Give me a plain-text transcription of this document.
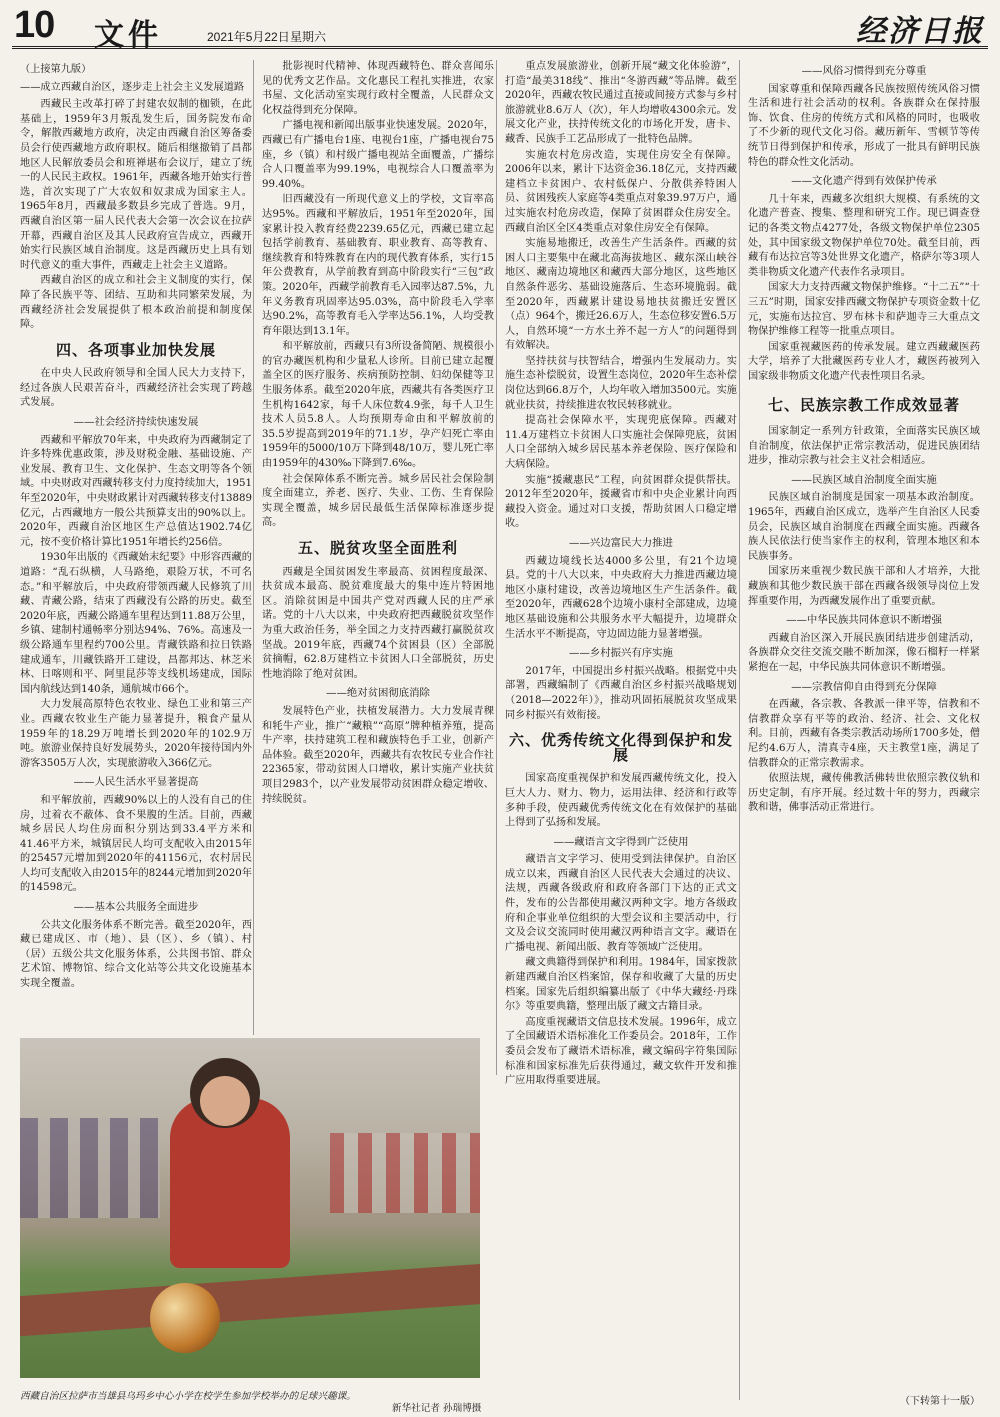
10 文件	2021年5月22日 星期六	经济日报

（上接第九版）

——成立西藏自治区，逐步走上社会主义发展道路

西藏民主改革打碎了封建农奴制的枷锁，在此基础上，1959年3月叛乱发生后，国务院发布命令，解散西藏地方政府，决定由西藏自治区筹备委员会行使西藏地方政府职权。随后相继撤销了昌都地区人民解放委员会和班禅堪布会议厅，建立了统一的人民民主政权。1961年，西藏各地开始实行普选，首次实现了广大农奴和奴隶成为国家主人。1965年8月，西藏最多数县乡完成了普选。9月，西藏自治区第一届人民代表大会第一次会议在拉萨开幕，西藏自治区及其人民政府宣告成立，西藏开始实行民族区域自治制度。这是西藏历史上具有划时代意义的重大事件，西藏走上社会主义道路。

西藏自治区的成立和社会主义制度的实行，保障了各民族平等、团结、互助和共同繁荣发展，为西藏经济社会发展提供了根本政治前提和制度保障。

四、各项事业加快发展

在中央人民政府领导和全国人民大力支持下，经过各族人民艰苦奋斗，西藏经济社会实现了跨越式发展。

——社会经济持续快速发展

西藏和平解放70年来，中央政府为西藏制定了许多特殊优惠政策，涉及财税金融、基础设施、产业发展、教育卫生、文化保护、生态文明等各个领域。中央财政对西藏转移支付力度持续加大，1951年至2020年，中央财政累计对西藏转移支付13889亿元，占西藏地方一般公共预算支出的90%以上。2020年，西藏自治区地区生产总值达1902.74亿元，按不变价格计算比1951年增长约256倍。

1930年出版的《西藏始末纪要》中形容西藏的道路：“乱石纵横，人马路绝，艰险万状，不可名态。”和平解放后，中央政府带领西藏人民修筑了川藏、青藏公路，结束了西藏没有公路的历史。截至2020年底，西藏公路通车里程达到11.88万公里，乡镇、建制村通畅率分别达94%、76%。高速及一级公路通车里程约700公里。青藏铁路和拉日铁路建成通车，川藏铁路开工建设，昌都邦达、林芝米林、日喀则和平、阿里昆莎等支线机场建成，国际国内航线达到140条，通航城市66个。

大力发展高原特色农牧业、绿色工业和第三产业。西藏农牧业生产能力显著提升，粮食产量从1959年的18.29万吨增长到2020年的102.9万吨。旅游业保持良好发展势头，2020年接待国内外游客3505万人次，实现旅游收入366亿元。

——人民生活水平显著提高

和平解放前，西藏90%以上的人没有自己的住房，过着衣不蔽体、食不果腹的生活。目前，西藏城乡居民人均住房面积分别达到33.4平方米和41.46平方米，城镇居民人均可支配收入由2015年的25457元增加到2020年的41156元，农村居民人均可支配收入由2015年的8244元增加到2020年的14598元。

——基本公共服务全面进步

公共文化服务体系不断完善。截至2020年，西藏已建成区、市（地）、县（区）、乡（镇）、村（居）五级公共文化服务体系，公共图书馆、群众艺术馆、博物馆、综合文化站等公共文化设施基本实现全覆盖。

批影视时代精神、体现西藏特色、群众喜闻乐见的优秀文艺作品。文化惠民工程扎实推进，农家书屋、文化活动室实现行政村全覆盖，人民群众文化权益得到充分保障。

广播电视和新闻出版事业快速发展。2020年，西藏已有广播电台1座、电视台1座，广播电视台75座，乡（镇）和村级广播电视站全面覆盖，广播综合人口覆盖率为99.19%，电视综合人口覆盖率为99.40%。

旧西藏没有一所现代意义上的学校，文盲率高达95%。西藏和平解放后，1951年至2020年，国家累计投入教育经费2239.65亿元，西藏已建立起包括学前教育、基础教育、职业教育、高等教育、继续教育和特殊教育在内的现代教育体系，实行15年公费教育，从学前教育到高中阶段实行“三包”政策。2020年，西藏学前教育毛入园率达87.5%，九年义务教育巩固率达95.03%，高中阶段毛入学率达90.2%，高等教育毛入学率达56.1%，人均受教育年限达到13.1年。

和平解放前，西藏只有3所设备简陋、规模很小的官办藏医机构和少量私人诊所。目前已建立起覆盖全区的医疗服务、疾病预防控制、妇幼保健等卫生服务体系。截至2020年底，西藏共有各类医疗卫生机构1642家，每千人床位数4.9张，每千人卫生技术人员5.8人。人均预期寿命由和平解放前的35.5岁提高到2019年的71.1岁，孕产妇死亡率由1959年的5000/10万下降到48/10万，婴儿死亡率由1959年的430‰下降到7.6‰。

社会保障体系不断完善。城乡居民社会保险制度全面建立，养老、医疗、失业、工伤、生育保险实现全覆盖，城乡居民最低生活保障标准逐步提高。

五、脱贫攻坚全面胜利

西藏是全国贫困发生率最高、贫困程度最深、扶贫成本最高、脱贫难度最大的集中连片特困地区。消除贫困是中国共产党对西藏人民的庄严承诺。党的十八大以来，中央政府把西藏脱贫攻坚作为重大政治任务，举全国之力支持西藏打赢脱贫攻坚战。2019年底，西藏74个贫困县（区）全部脱贫摘帽，62.8万建档立卡贫困人口全部脱贫，历史性地消除了绝对贫困。

——绝对贫困彻底消除

发展特色产业，扶植发展潜力。大力发展青稞和牦牛产业，推广“藏粮”“高原”牌种植养殖，提高牛产率，扶持建筑工程和藏族特色手工业，创新产品体验。截至2020年，西藏共有农牧民专业合作社22365家，带动贫困人口增收，累计实施产业扶贫项目2983个，以产业发展带动贫困群众稳定增收、持续脱贫。

重点发展旅游业，创新开展“藏文化体验游”，打造“最美318线”、推出“冬游西藏”等品牌。截至2020年，西藏农牧民通过直接或间接方式参与乡村旅游就业8.6万人（次），年人均增收4300余元。发展文化产业，扶持传统文化的市场化开发，唐卡、藏香、民族手工艺品形成了一批特色品牌。

实施农村危房改造，实现住房安全有保障。2006年以来，累计下达资金36.18亿元，支持西藏建档立卡贫困户、农村低保户、分散供养特困人员、贫困残疾人家庭等4类重点对象39.97万户，通过实施农村危房改造，保障了贫困群众住房安全。西藏自治区全区4类重点对象住房安全有保障。

实施易地搬迁，改善生产生活条件。西藏的贫困人口主要集中在藏北高海拔地区、藏东深山峡谷地区、藏南边境地区和藏西大部分地区，这些地区自然条件恶劣、基础设施落后、生态环境脆弱。截至2020年，西藏累计建设易地扶贫搬迁安置区（点）964个，搬迁26.6万人，生态位移安置6.5万人，自然环境“一方水土养不起一方人”的问题得到有效解决。

坚持扶贫与扶智结合，增强内生发展动力。实施生态补偿脱贫，设置生态岗位，2020年生态补偿岗位达到66.8万个，人均年收入增加3500元。实施就业扶贫，持续推进农牧民转移就业。

提高社会保障水平，实现兜底保障。西藏对11.4万建档立卡贫困人口实施社会保障兜底，贫困人口全部纳入城乡居民基本养老保险、医疗保险和大病保险。

实施“援藏惠民”工程，向贫困群众提供帮扶。2012年至2020年，援藏省市和中央企业累计向西藏投入资金。通过对口支援，帮助贫困人口稳定增收。

——兴边富民大力推进

西藏边境线长达4000多公里，有21个边境县。党的十八大以来，中央政府大力推进西藏边境地区小康村建设，改善边境地区生产生活条件。截至2020年，西藏628个边境小康村全部建成，边境地区基础设施和公共服务水平大幅提升，边境群众生活水平不断提高，守边固边能力显著增强。

——乡村振兴有序实施

2017年，中国提出乡村振兴战略。根据党中央部署，西藏编制了《西藏自治区乡村振兴战略规划（2018—2022年）》，推动巩固拓展脱贫攻坚成果同乡村振兴有效衔接。

六、优秀传统文化得到保护和发展

国家高度重视保护和发展西藏传统文化，投入巨大人力、财力、物力，运用法律、经济和行政等多种手段，使西藏优秀传统文化在有效保护的基础上得到了弘扬和发展。

——藏语言文字得到广泛使用

藏语言文字学习、使用受到法律保护。自治区成立以来，西藏自治区人民代表大会通过的决议、法规，西藏各级政府和政府各部门下达的正式文件，发布的公告都使用藏汉两种文字。地方各级政府和企事业单位组织的大型会议和主要活动中，行文及会议交流同时使用藏汉两种语言文字。藏语在广播电视、新闻出版、教育等领域广泛使用。

藏文典籍得到保护和利用。1984年，国家拨款新建西藏自治区档案馆，保存和收藏了大量的历史档案。国家先后组织编纂出版了《中华大藏经·丹珠尔》等重要典籍，整理出版了藏文古籍目录。

高度重视藏语文信息技术发展。1996年，成立了全国藏语术语标准化工作委员会。2018年，工作委员会发布了藏语术语标准，藏文编码字符集国际标准和国家标准先后获得通过，藏文软件开发和推广应用取得重要进展。

——风俗习惯得到充分尊重

国家尊重和保障西藏各民族按照传统风俗习惯生活和进行社会活动的权利。各族群众在保持服饰、饮食、住房的传统方式和风格的同时，也吸收了不少新的现代文化习俗。藏历新年、雪顿节等传统节日得到保护和传承，形成了一批具有鲜明民族特色的群众性文化活动。

——文化遗产得到有效保护传承

几十年来，西藏多次组织大规模、有系统的文化遗产普查、搜集、整理和研究工作。现已调查登记的各类文物点4277处，各级文物保护单位2305处，其中国家级文物保护单位70处。截至目前，西藏有布达拉宫等3处世界文化遗产，格萨尔等3项人类非物质文化遗产代表作名录项目。

国家大力支持西藏文物保护维修。“十二五”“十三五”时期，国家安排西藏文物保护专项资金数十亿元，实施布达拉宫、罗布林卡和萨迦寺三大重点文物保护维修工程等一批重点项目。

国家重视藏医药的传承发展。建立西藏藏医药大学，培养了大批藏医药专业人才，藏医药被列入国家级非物质文化遗产代表性项目名录。

七、民族宗教工作成效显著

国家制定一系列方针政策，全面落实民族区域自治制度，依法保护正常宗教活动，促进民族团结进步，推动宗教与社会主义社会相适应。

——民族区域自治制度全面实施

民族区域自治制度是国家一项基本政治制度。1965年，西藏自治区成立，选举产生自治区人民委员会，民族区域自治制度在西藏全面实施。西藏各族人民依法行使当家作主的权利，管理本地区和本民族事务。

国家历来重视少数民族干部和人才培养，大批藏族和其他少数民族干部在西藏各级领导岗位上发挥重要作用，为西藏发展作出了重要贡献。

——中华民族共同体意识不断增强

西藏自治区深入开展民族团结进步创建活动，各族群众交往交流交融不断加深，像石榴籽一样紧紧抱在一起，中华民族共同体意识不断增强。

——宗教信仰自由得到充分保障

在西藏，各宗教、各教派一律平等，信教和不信教群众享有平等的政治、经济、社会、文化权利。目前，西藏有各类宗教活动场所1700多处，僧尼约4.6万人，清真寺4座，天主教堂1座，满足了信教群众的正常宗教需求。

依照法规，藏传佛教活佛转世依照宗教仪轨和历史定制，有序开展。经过数十年的努力，西藏宗教和谐，佛事活动正常进行。

西藏自治区拉萨市当雄县乌玛乡中心小学在校学生参加学校举办的足球兴趣课。
新华社记者 孙瑞博摄
（下转第十一版）
